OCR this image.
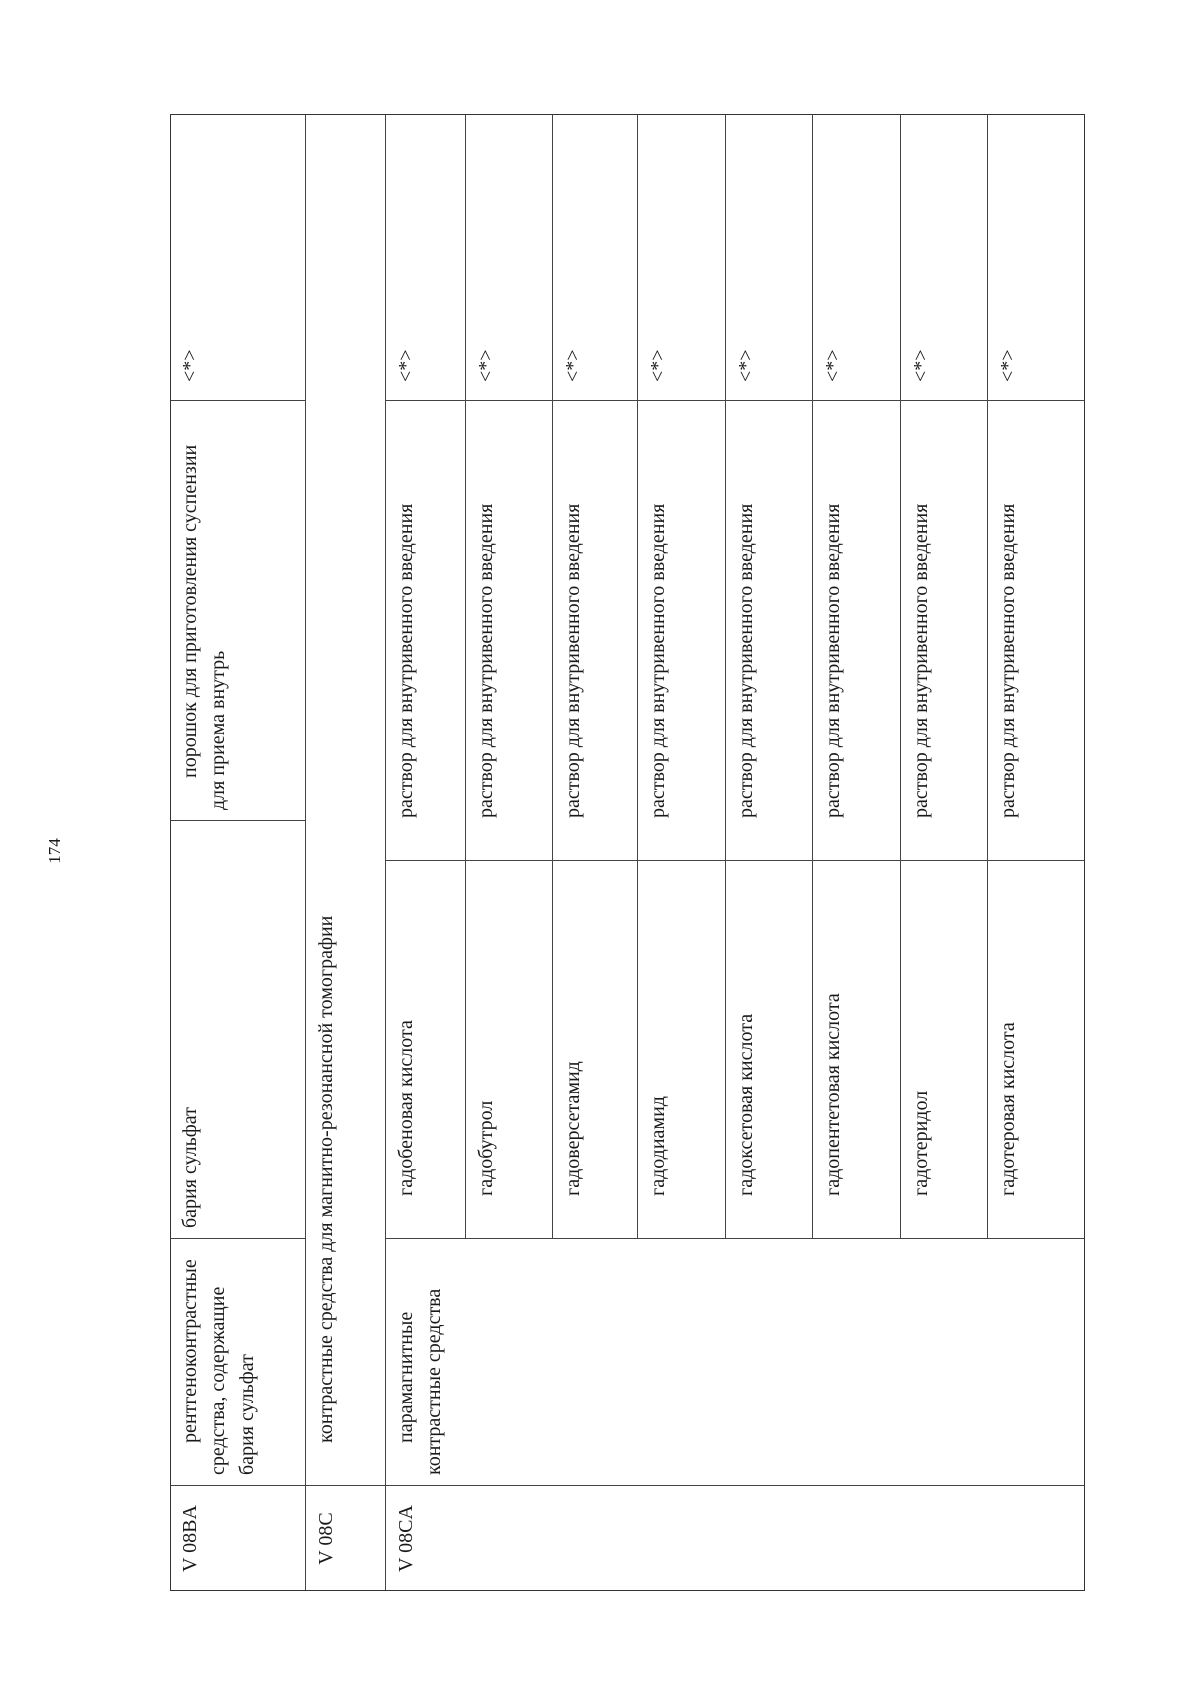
174
V 08BA
рентгеноконтрастные средства, содержащие бария сульфат
бария сульфат
порошок для приготовления суспензии для приема внутрь
<*>
V 08C
контрастные средства для магнитно-резонансной томографии
V 08CA
парамагнитные контрастные средства
гадобеновая кислота
раствор для внутривенного введения
<*>
гадобутрол
раствор для внутривенного введения
<*>
гадоверсетамид
раствор для внутривенного введения
<*>
гадодиамид
раствор для внутривенного введения
<*>
гадоксетовая кислота
раствор для внутривенного введения
<*>
гадопентетовая кислота
раствор для внутривенного введения
<*>
гадотеридол
раствор для внутривенного введения
<*>
гадотеровая кислота
раствор для внутривенного введения
<*>
